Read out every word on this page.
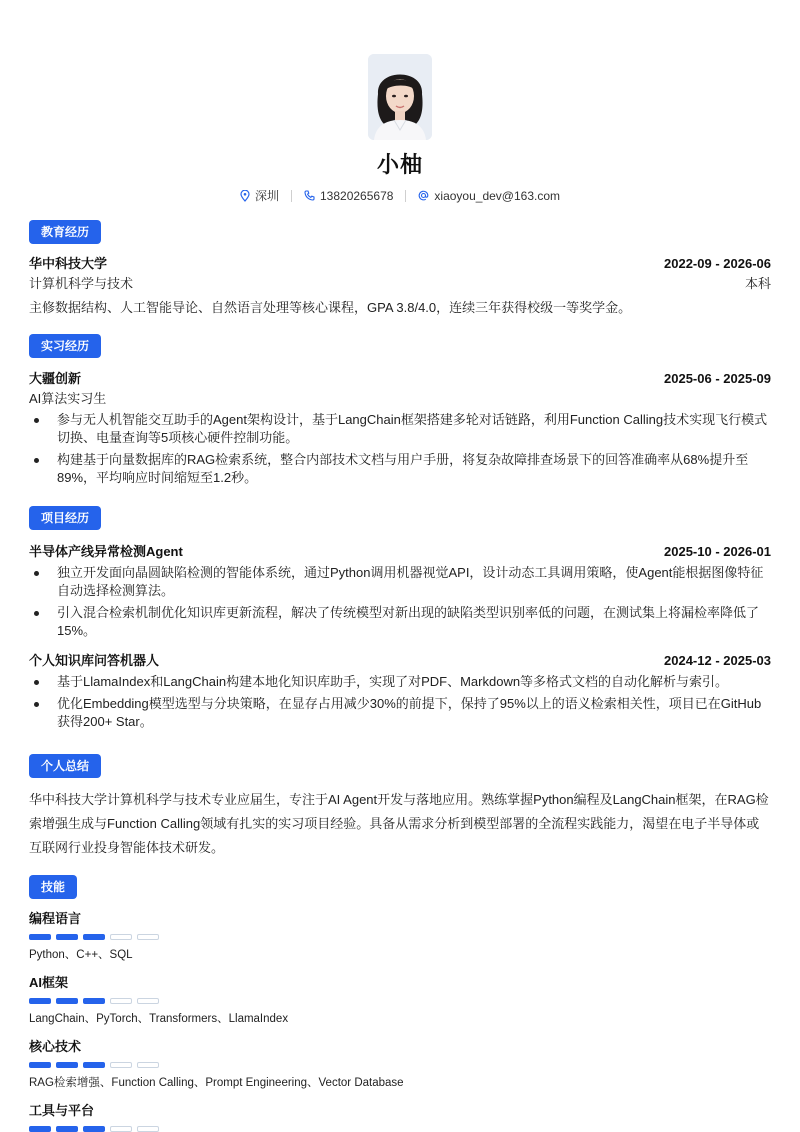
小柚
深圳	13820265678	xiaoyou_dev@163.com
教育经历
华中科技大学	2022-09 - 2026-06
计算机科学与技术	本科
主修数据结构、人工智能导论、自然语言处理等核心课程，GPA 3.8/4.0，连续三年获得校级一等奖学金。
实习经历
大疆创新	2025-06 - 2025-09
AI算法实习生
参与无人机智能交互助手的Agent架构设计，基于LangChain框架搭建多轮对话链路，利用Function Calling技术实现飞行模式切换、电量查询等5项核心硬件控制功能。
构建基于向量数据库的RAG检索系统，整合内部技术文档与用户手册，将复杂故障排查场景下的回答准确率从68%提升至89%，平均响应时间缩短至1.2秒。
项目经历
半导体产线异常检测Agent	2025-10 - 2026-01
独立开发面向晶圆缺陷检测的智能体系统，通过Python调用机器视觉API，设计动态工具调用策略，使Agent能根据图像特征自动选择检测算法。
引入混合检索机制优化知识库更新流程，解决了传统模型对新出现的缺陷类型识别率低的问题，在测试集上将漏检率降低了15%。
个人知识库问答机器人	2024-12 - 2025-03
基于LlamaIndex和LangChain构建本地化知识库助手，实现了对PDF、Markdown等多格式文档的自动化解析与索引。
优化Embedding模型选型与分块策略，在显存占用减少30%的前提下，保持了95%以上的语义检索相关性，项目已在GitHub获得200+ Star。
个人总结
华中科技大学计算机科学与技术专业应届生，专注于AI Agent开发与落地应用。熟练掌握Python编程及LangChain框架，在RAG检索增强生成与Function Calling领域有扎实的实习项目经验。具备从需求分析到模型部署的全流程实践能力，渴望在电子半导体或互联网行业投身智能体技术研发。
技能
编程语言
Python、C++、SQL
AI框架
LangChain、PyTorch、Transformers、LlamaIndex
核心技术
RAG检索增强、Function Calling、Prompt Engineering、Vector Database
工具与平台
